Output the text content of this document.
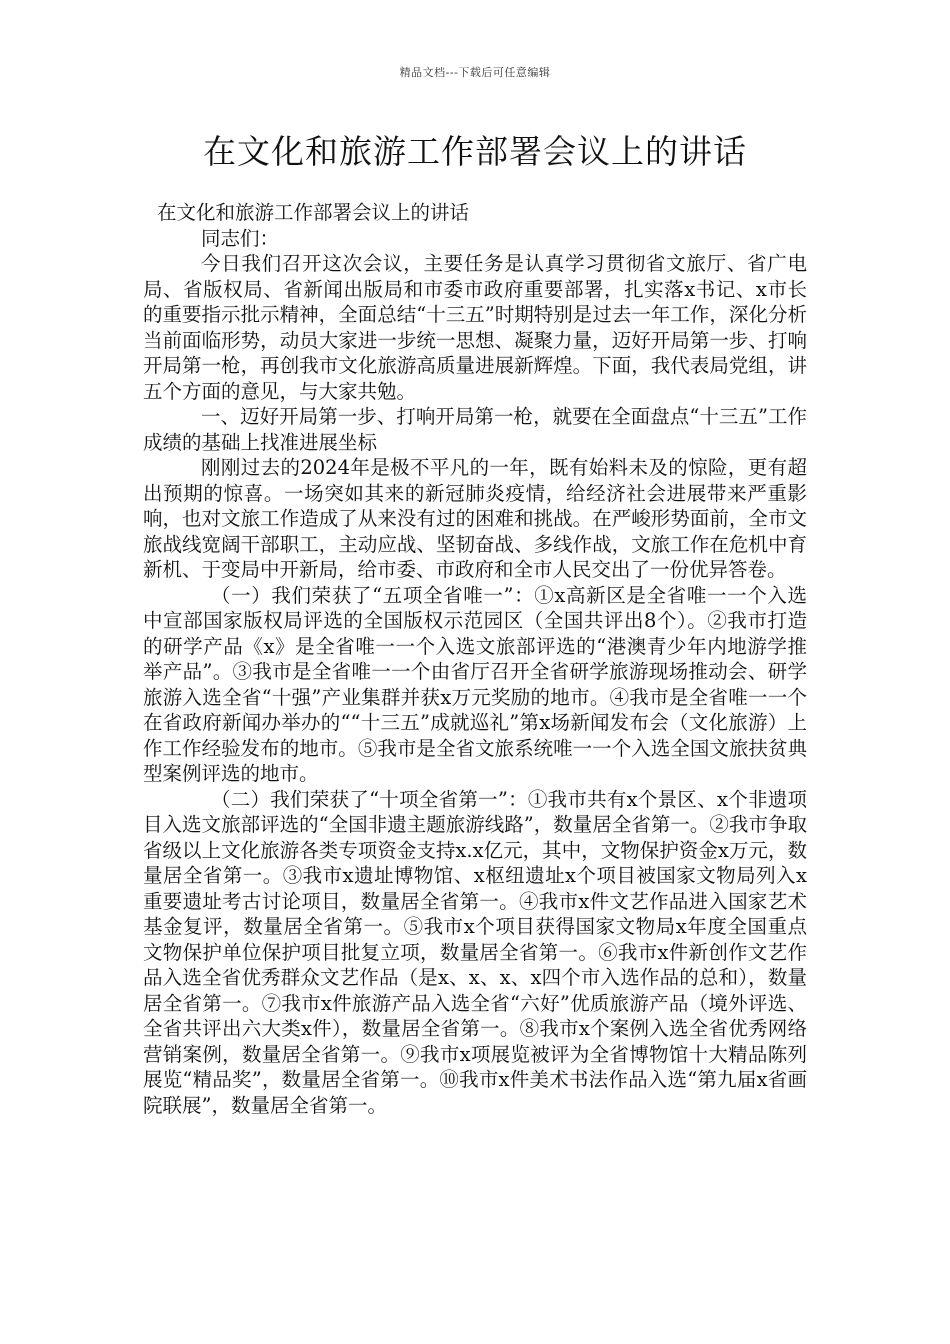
精品文档---下载后可任意编辑
在文化和旅游工作部署会议上的讲话

在文化和旅游工作部署会议上的讲话

同志们：

今日我们召开这次会议，主要任务是认真学习贯彻省文旅厅、省广电局、省版权局、省新闻出版局和市委市政府重要部署，扎实落x书记、x市长的重要指示批示精神，全面总结“十三五”时期特别是过去一年工作，深化分析当前面临形势，动员大家进一步统一思想、凝聚力量，迈好开局第一步、打响开局第一枪，再创我市文化旅游高质量进展新辉煌。下面，我代表局党组，讲五个方面的意见，与大家共勉。

一、迈好开局第一步、打响开局第一枪，就要在全面盘点“十三五”工作成绩的基础上找准进展坐标

刚刚过去的2024年是极不平凡的一年，既有始料未及的惊险，更有超出预期的惊喜。一场突如其来的新冠肺炎疫情，给经济社会进展带来严重影响，也对文旅工作造成了从来没有过的困难和挑战。在严峻形势面前，全市文旅战线宽阔干部职工，主动应战、坚韧奋战、多线作战，文旅工作在危机中育新机、于变局中开新局，给市委、市政府和全市人民交出了一份优异答卷。

（一）我们荣获了“五项全省唯一”：①x高新区是全省唯一一个入选中宣部国家版权局评选的全国版权示范园区（全国共评出8个）。②我市打造的研学产品《x》是全省唯一一个入选文旅部评选的“港澳青少年内地游学推举产品”。③我市是全省唯一一个由省厅召开全省研学旅游现场推动会、研学旅游入选全省“十强”产业集群并获x万元奖励的地市。④我市是全省唯一一个在省政府新闻办举办的““十三五”成就巡礼”第x场新闻发布会（文化旅游）上作工作经验发布的地市。⑤我市是全省文旅系统唯一一个入选全国文旅扶贫典型案例评选的地市。

（二）我们荣获了“十项全省第一”：①我市共有x个景区、x个非遗项目入选文旅部评选的“全国非遗主题旅游线路”，数量居全省第一。②我市争取省级以上文化旅游各类专项资金支持x.x亿元，其中，文物保护资金x万元，数量居全省第一。③我市x遗址博物馆、x枢纽遗址x个项目被国家文物局列入x重要遗址考古讨论项目，数量居全省第一。④我市x件文艺作品进入国家艺术基金复评，数量居全省第一。⑤我市x个项目获得国家文物局x年度全国重点文物保护单位保护项目批复立项，数量居全省第一。⑥我市x件新创作文艺作品入选全省优秀群众文艺作品（是x、x、x、x四个市入选作品的总和），数量居全省第一。⑦我市x件旅游产品入选全省“六好”优质旅游产品（境外评选、全省共评出六大类x件），数量居全省第一。⑧我市x个案例入选全省优秀网络营销案例，数量居全省第一。⑨我市x项展览被评为全省博物馆十大精品陈列展览“精品奖”，数量居全省第一。⑩我市x件美术书法作品入选“第九届x省画院联展”，数量居全省第一。
